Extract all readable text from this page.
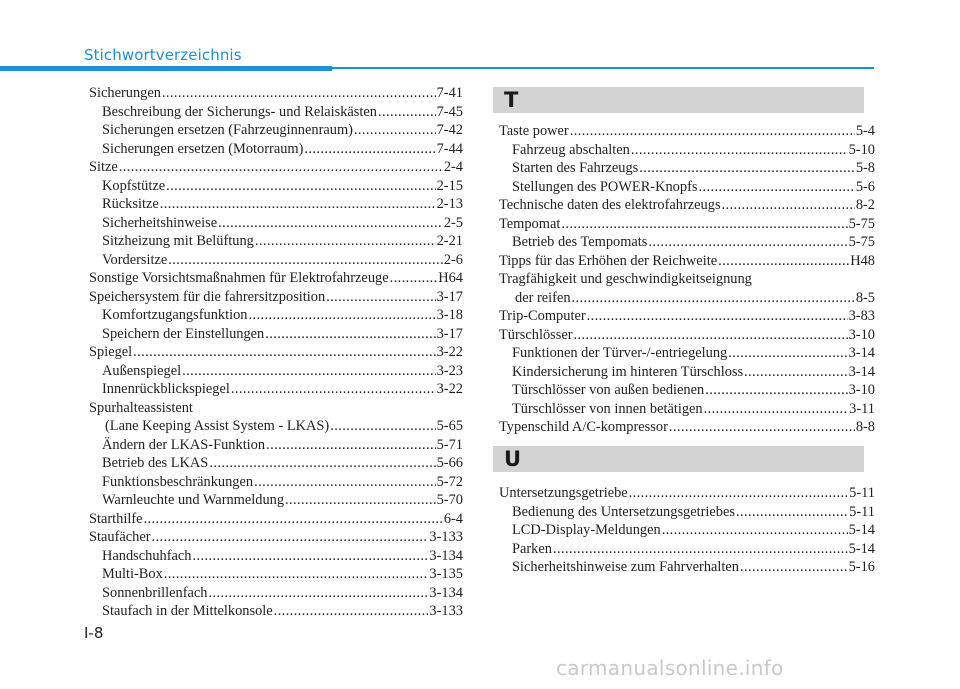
Stichwortverzeichnis
Sicherungen .....	7-41
Beschreibung der Sicherungs- und Relaiskästen .....	7-45
Sicherungen ersetzen (Fahrzeuginnenraum) .....	7-42
Sicherungen ersetzen (Motorraum) .....	7-44
Sitze .....	2-4
Kopfstütze .....	2-15
Rücksitze .....	2-13
Sicherheitshinweise .....	2-5
Sitzheizung mit Belüftung .....	2-21
Vordersitze .....	2-6
Sonstige Vorsichtsmaßnahmen für Elektrofahrzeuge .....	H64
Speichersystem für die fahrersitzposition .....	3-17
Komfortzugangsfunktion .....	3-18
Speichern der Einstellungen .....	3-17
Spiegel .....	3-22
Außenspiegel .....	3-23
Innenrückblickspiegel .....	3-22
Spurhalteassistent
(Lane Keeping Assist System - LKAS) .....	5-65
Ändern der LKAS-Funktion .....	5-71
Betrieb des LKAS .....	5-66
Funktionsbeschränkungen .....	5-72
Warnleuchte und Warnmeldung .....	5-70
Starthilfe .....	6-4
Staufächer .....	3-133
Handschuhfach .....	3-134
Multi-Box .....	3-135
Sonnenbrillenfach .....	3-134
Staufach in der Mittelkonsole .....	3-133
T
Taste power .....	5-4
Fahrzeug abschalten .....	5-10
Starten des Fahrzeugs .....	5-8
Stellungen des POWER-Knopfs .....	5-6
Technische daten des elektrofahrzeugs .....	8-2
Tempomat .....	5-75
Betrieb des Tempomats .....	5-75
Tipps für das Erhöhen der Reichweite .....	H48
Tragfähigkeit und geschwindigkeitseignung
der reifen .....	8-5
Trip-Computer .....	3-83
Türschlösser .....	3-10
Funktionen der Türver-/-entriegelung .....	3-14
Kindersicherung im hinteren Türschloss .....	3-14
Türschlösser von außen bedienen .....	3-10
Türschlösser von innen betätigen .....	3-11
Typenschild A/C-kompressor .....	8-8
U
Untersetzungsgetriebe .....	5-11
Bedienung des Untersetzungsgetriebes .....	5-11
LCD-Display-Meldungen .....	5-14
Parken .....	5-14
Sicherheitshinweise zum Fahrverhalten .....	5-16
I-8
carmanualsonline.info
